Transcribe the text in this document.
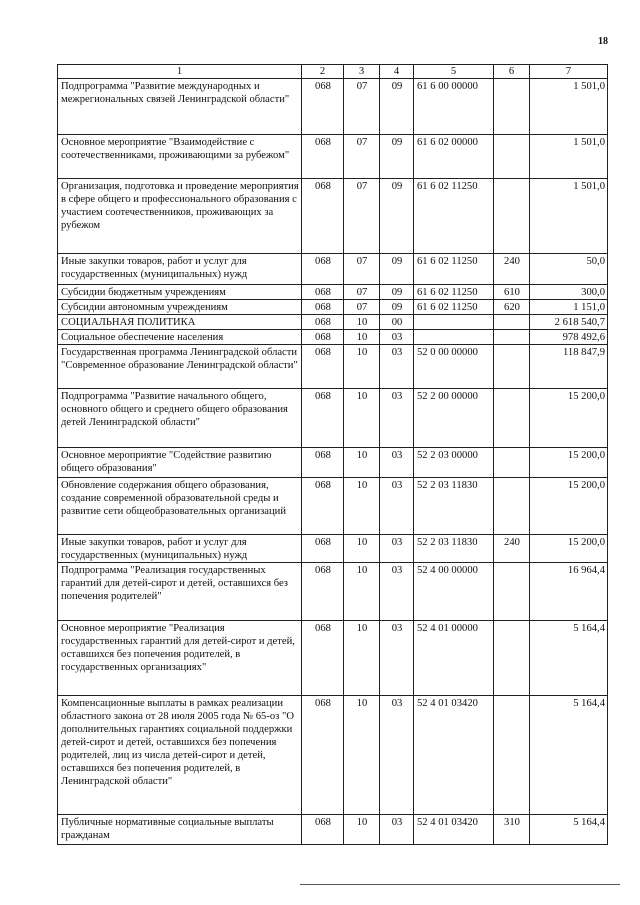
18
1	2	3	4	5	6	7
Подпрограмма "Развитие международных и межрегиональных связей Ленинградской области"	068	07	09	61 6 00 00000		1 501,0
Основное мероприятие "Взаимодействие с соотечественниками, проживающими за рубежом"	068	07	09	61 6 02 00000		1 501,0
Организация, подготовка и проведение мероприятия в сфере общего и профессионального образования с участием соотечественников, проживающих за рубежом	068	07	09	61 6 02 11250		1 501,0
Иные закупки товаров, работ и услуг для государственных (муниципальных) нужд	068	07	09	61 6 02 11250	240	50,0
Субсидии бюджетным учреждениям	068	07	09	61 6 02 11250	610	300,0
Субсидии автономным учреждениям	068	07	09	61 6 02 11250	620	1 151,0
СОЦИАЛЬНАЯ ПОЛИТИКА	068	10	00			2 618 540,7
Социальное обеспечение населения	068	10	03			978 492,6
Государственная программа Ленинградской области "Современное образование Ленинградской области"	068	10	03	52 0 00 00000		118 847,9
Подпрограмма "Развитие начального общего, основного общего и среднего общего образования детей Ленинградской области"	068	10	03	52 2 00 00000		15 200,0
Основное мероприятие "Содействие развитию общего образования"	068	10	03	52 2 03 00000		15 200,0
Обновление содержания общего образования, создание современной образовательной среды и развитие сети общеобразовательных организаций	068	10	03	52 2 03 11830		15 200,0
Иные закупки товаров, работ и услуг для государственных (муниципальных) нужд	068	10	03	52 2 03 11830	240	15 200,0
Подпрограмма "Реализация государственных гарантий для детей-сирот и детей, оставшихся без попечения родителей"	068	10	03	52 4 00 00000		16 964,4
Основное мероприятие "Реализация государственных гарантий для детей-сирот и детей, оставшихся без попечения родителей, в государственных организациях"	068	10	03	52 4 01 00000		5 164,4
Компенсационные выплаты в рамках реализации областного закона от 28 июля 2005 года № 65-оз "О дополнительных гарантиях социальной поддержки детей-сирот и детей, оставшихся без попечения родителей, лиц из числа детей-сирот и детей, оставшихся без попечения родителей, в Ленинградской области"	068	10	03	52 4 01 03420		5 164,4
Публичные нормативные социальные выплаты гражданам	068	10	03	52 4 01 03420	310	5 164,4
